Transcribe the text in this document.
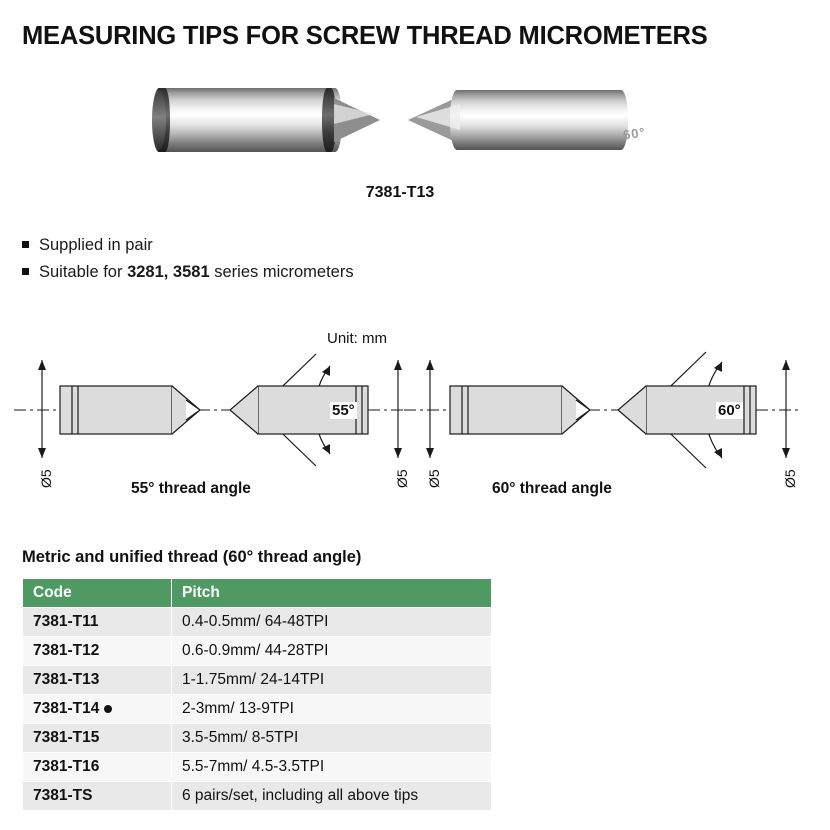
MEASURING TIPS FOR SCREW THREAD MICROMETERS
60°
7381-T13
Supplied in pair
Suitable for 3281, 3581 series micrometers
Unit: mm
55°	60°
Ø5	Ø5 Ø5	Ø5
55° thread angle	60° thread angle
Metric and unified thread (60° thread angle)
Code	Pitch
7381-T11	0.4-0.5mm/ 64-48TPI
7381-T12	0.6-0.9mm/ 44-28TPI
7381-T13	1-1.75mm/ 24-14TPI
7381-T14	2-3mm/ 13-9TPI
7381-T15	3.5-5mm/ 8-5TPI
7381-T16	5.5-7mm/ 4.5-3.5TPI
7381-TS	6 pairs/set, including all above tips
